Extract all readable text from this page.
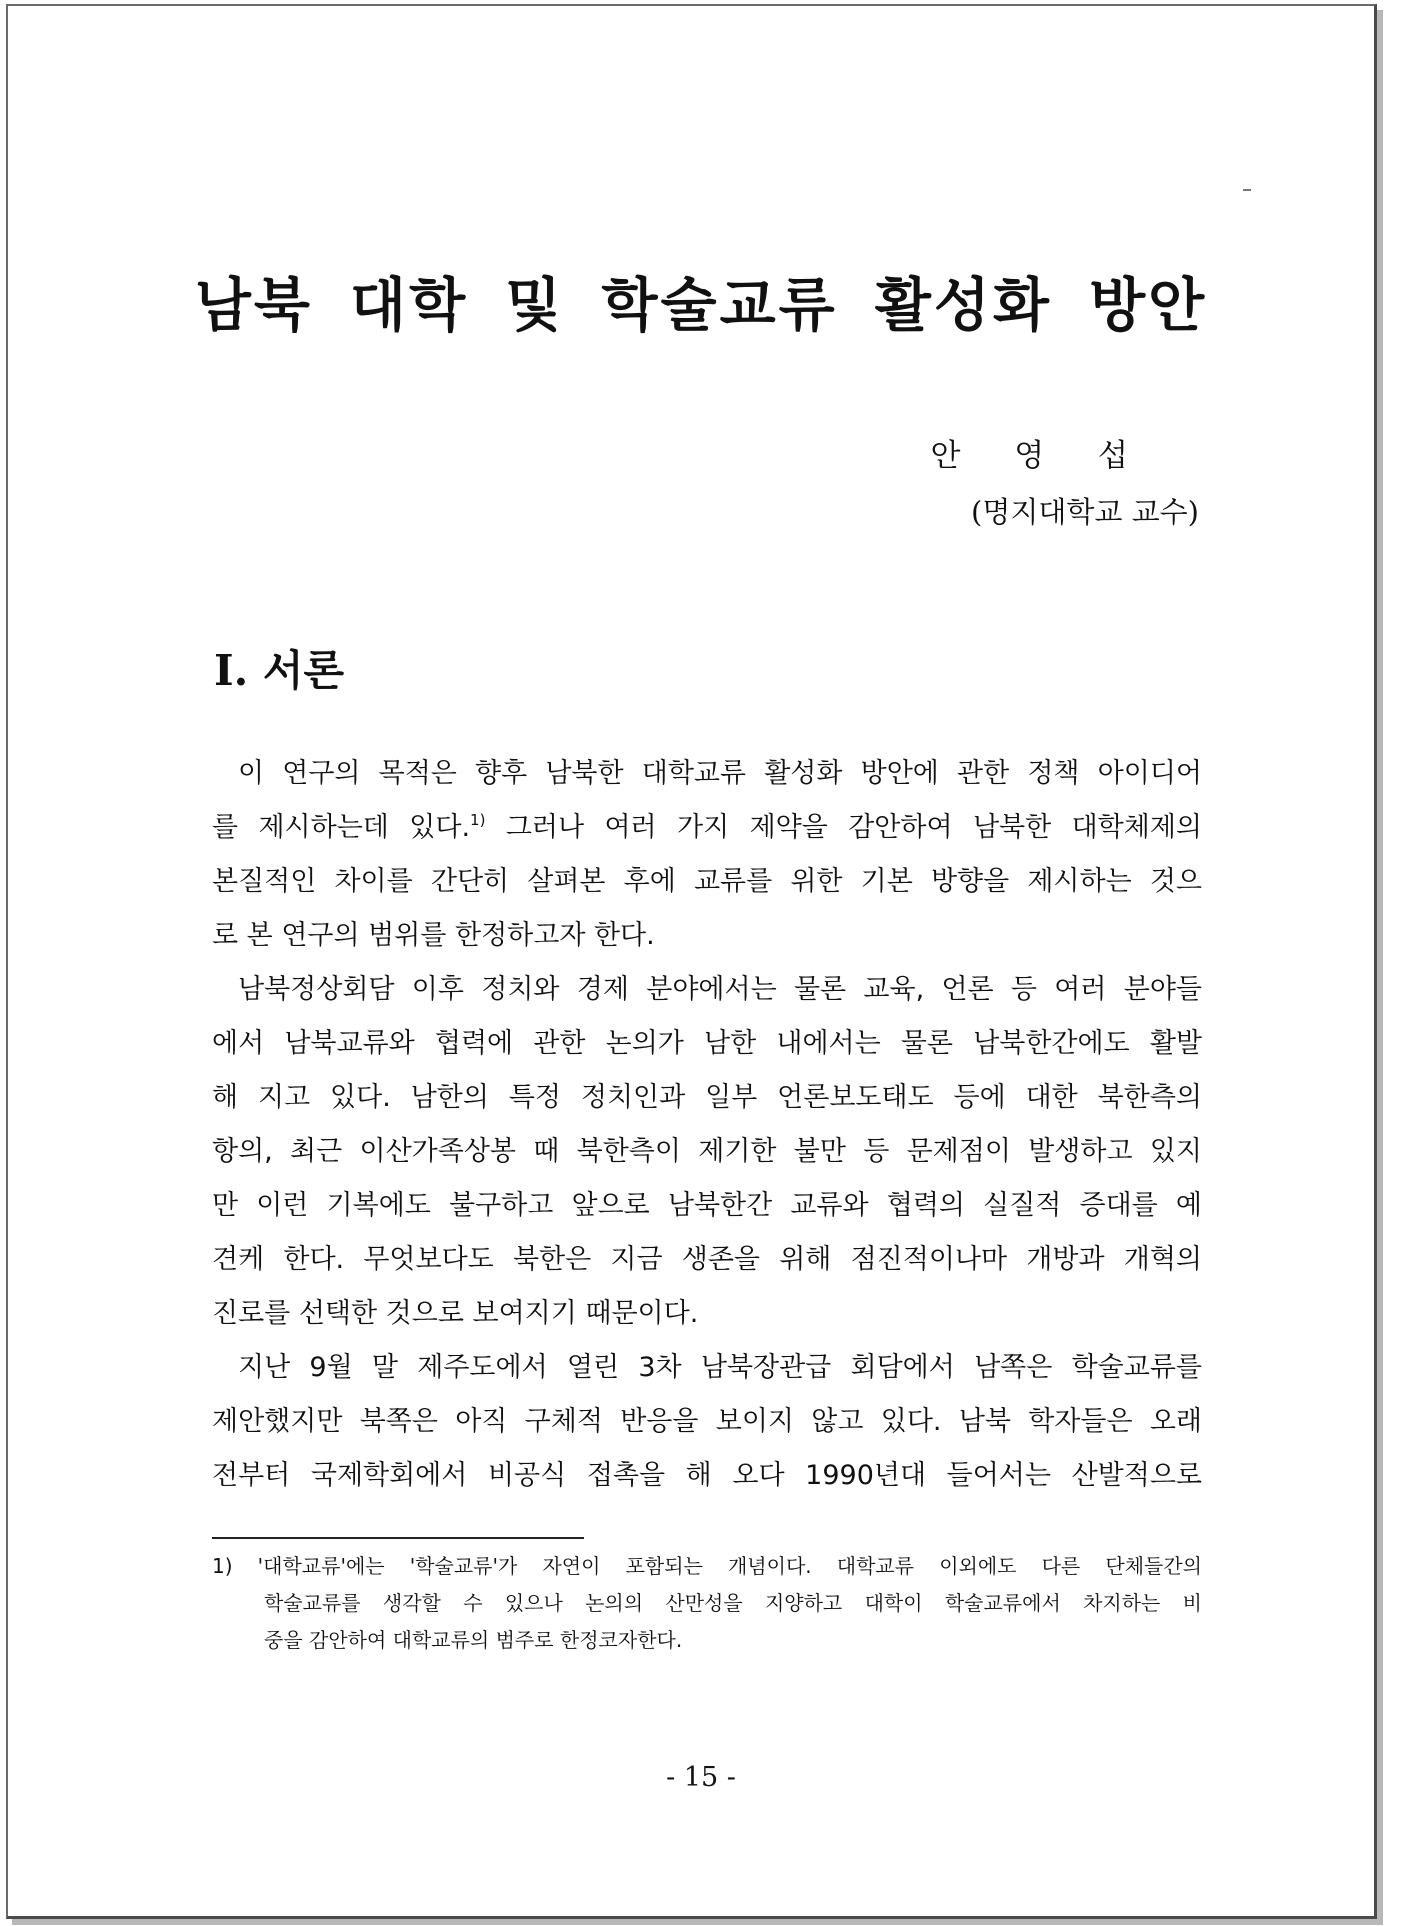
남북 대학 및 학술교류 활성화 방안
안 영 섭
(명지대학교 교수)
Ⅰ. 서론
이 연구의 목적은 향후 남북한 대학교류 활성화 방안에 관한 정책 아이디어
를 제시하는데 있다.$^{1)}$ 그러나 여러 가지 제약을 감안하여 남북한 대학체제의
본질적인 차이를 간단히 살펴본 후에 교류를 위한 기본 방향을 제시하는 것으
로 본 연구의 범위를 한정하고자 한다.
남북정상회담 이후 정치와 경제 분야에서는 물론 교육, 언론 등 여러 분야들
에서 남북교류와 협력에 관한 논의가 남한 내에서는 물론 남북한간에도 활발
해 지고 있다. 남한의 특정 정치인과 일부 언론보도태도 등에 대한 북한측의
항의, 최근 이산가족상봉 때 북한측이 제기한 불만 등 문제점이 발생하고 있지
만 이런 기복에도 불구하고 앞으로 남북한간 교류와 협력의 실질적 증대를 예
견케 한다. 무엇보다도 북한은 지금 생존을 위해 점진적이나마 개방과 개혁의
진로를 선택한 것으로 보여지기 때문이다.
지난 9월 말 제주도에서 열린 3차 남북장관급 회담에서 남쪽은 학술교류를
제안했지만 북쪽은 아직 구체적 반응을 보이지 않고 있다. 남북 학자들은 오래
전부터 국제학회에서 비공식 접촉을 해 오다 1990년대 들어서는 산발적으로
1) '대학교류'에는 '학술교류'가 자연이 포함되는 개념이다. 대학교류 이외에도 다른 단체들간의
학술교류를 생각할 수 있으나 논의의 산만성을 지양하고 대학이 학술교류에서 차지하는 비
중을 감안하여 대학교류의 범주로 한정코자한다.
- 15 -
